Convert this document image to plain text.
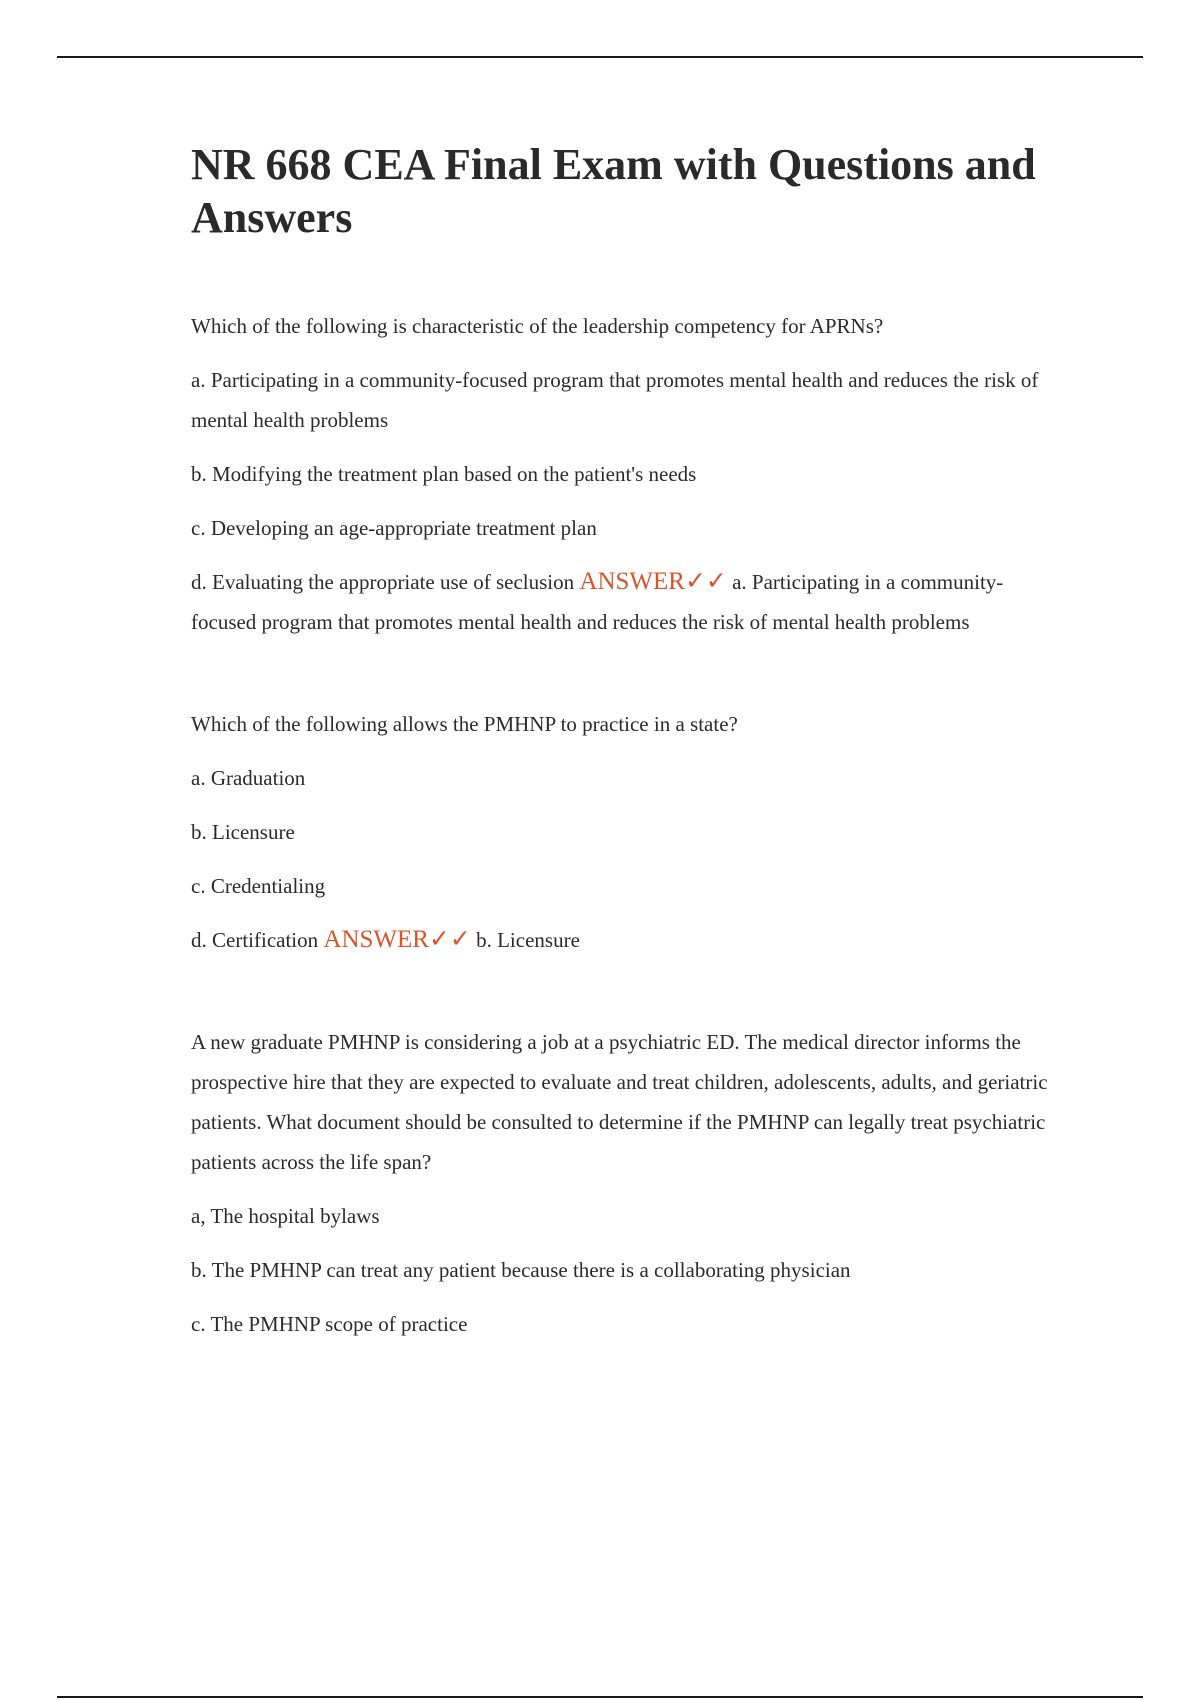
NR 668 CEA Final Exam with Questions and Answers

Which of the following is characteristic of the leadership competency for APRNs?

a. Participating in a community-focused program that promotes mental health and reduces the risk of mental health problems

b. Modifying the treatment plan based on the patient's needs

c. Developing an age-appropriate treatment plan

d. Evaluating the appropriate use of seclusion ANSWER✓✓ a. Participating in a community-focused program that promotes mental health and reduces the risk of mental health problems

Which of the following allows the PMHNP to practice in a state?

a. Graduation

b. Licensure

c. Credentialing

d. Certification ANSWER✓✓ b. Licensure

A new graduate PMHNP is considering a job at a psychiatric ED. The medical director informs the prospective hire that they are expected to evaluate and treat children, adolescents, adults, and geriatric patients. What document should be consulted to determine if the PMHNP can legally treat psychiatric patients across the life span?

a, The hospital bylaws

b. The PMHNP can treat any patient because there is a collaborating physician

c. The PMHNP scope of practice
